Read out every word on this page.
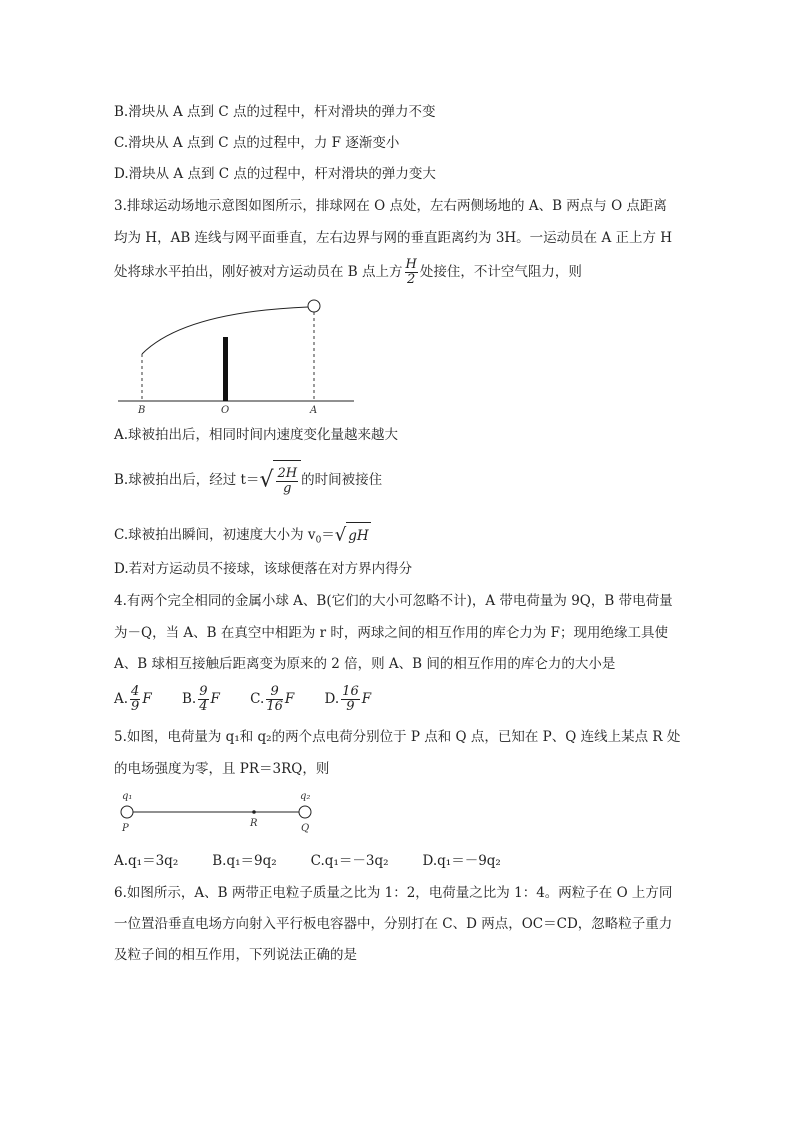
B.滑块从 A 点到 C 点的过程中，杆对滑块的弹力不变
C.滑块从 A 点到 C 点的过程中，力 F 逐渐变小
D.滑块从 A 点到 C 点的过程中，杆对滑块的弹力变大
3.排球运动场地示意图如图所示，排球网在 O 点处，左右两侧场地的 A、B 两点与 O 点距离
均为 H，AB 连线与网平面垂直，左右边界与网的垂直距离约为 3H。一运动员在 A 正上方 H
处将球水平拍出，刚好被对方运动员在 B 点上方 $\frac{H}{2}$ 处接住，不计空气阻力，则
B	O	A
A.球被拍出后，相同时间内速度变化量越来越大
B.球被拍出后，经过 $t=√ \frac{2H}{g}$ 的时间被接住
C.球被拍出瞬间，初速度大小为 $v_0=√$ gH
D.若对方运动员不接球，该球便落在对方界内得分
4.有两个完全相同的金属小球 A、B(它们的大小可忽略不计)，A 带电荷量为 9Q，B 带电荷量
为－Q，当 A、B 在真空中相距为 r 时，两球之间的相互作用的库仑力为 F；现用绝缘工具使
A、B 球相互接触后距离变为原来的 2 倍，则 A、B 间的相互作用的库仑力的大小是
A. $\frac{4}{9}$ F B. $\frac{9}{4}$ F C. $\frac{9}{16}$ F D. $\frac{16}{9}$ F
5.如图，电荷量为 q₁和 q₂的两个点电荷分别位于 P 点和 Q 点，已知在 P、Q 连线上某点 R 处
的电场强度为零，且 PR＝3RQ，则
q₁	q₂
P	R	Q
A.q₁＝3q₂	B.q₁＝9q₂	C.q₁＝－3q₂	D.q₁＝－9q₂
6.如图所示，A、B 两带正电粒子质量之比为 1：2，电荷量之比为 1：4。两粒子在 O 上方同
一位置沿垂直电场方向射入平行板电容器中，分别打在 C、D 两点，OC＝CD，忽略粒子重力
及粒子间的相互作用，下列说法正确的是
